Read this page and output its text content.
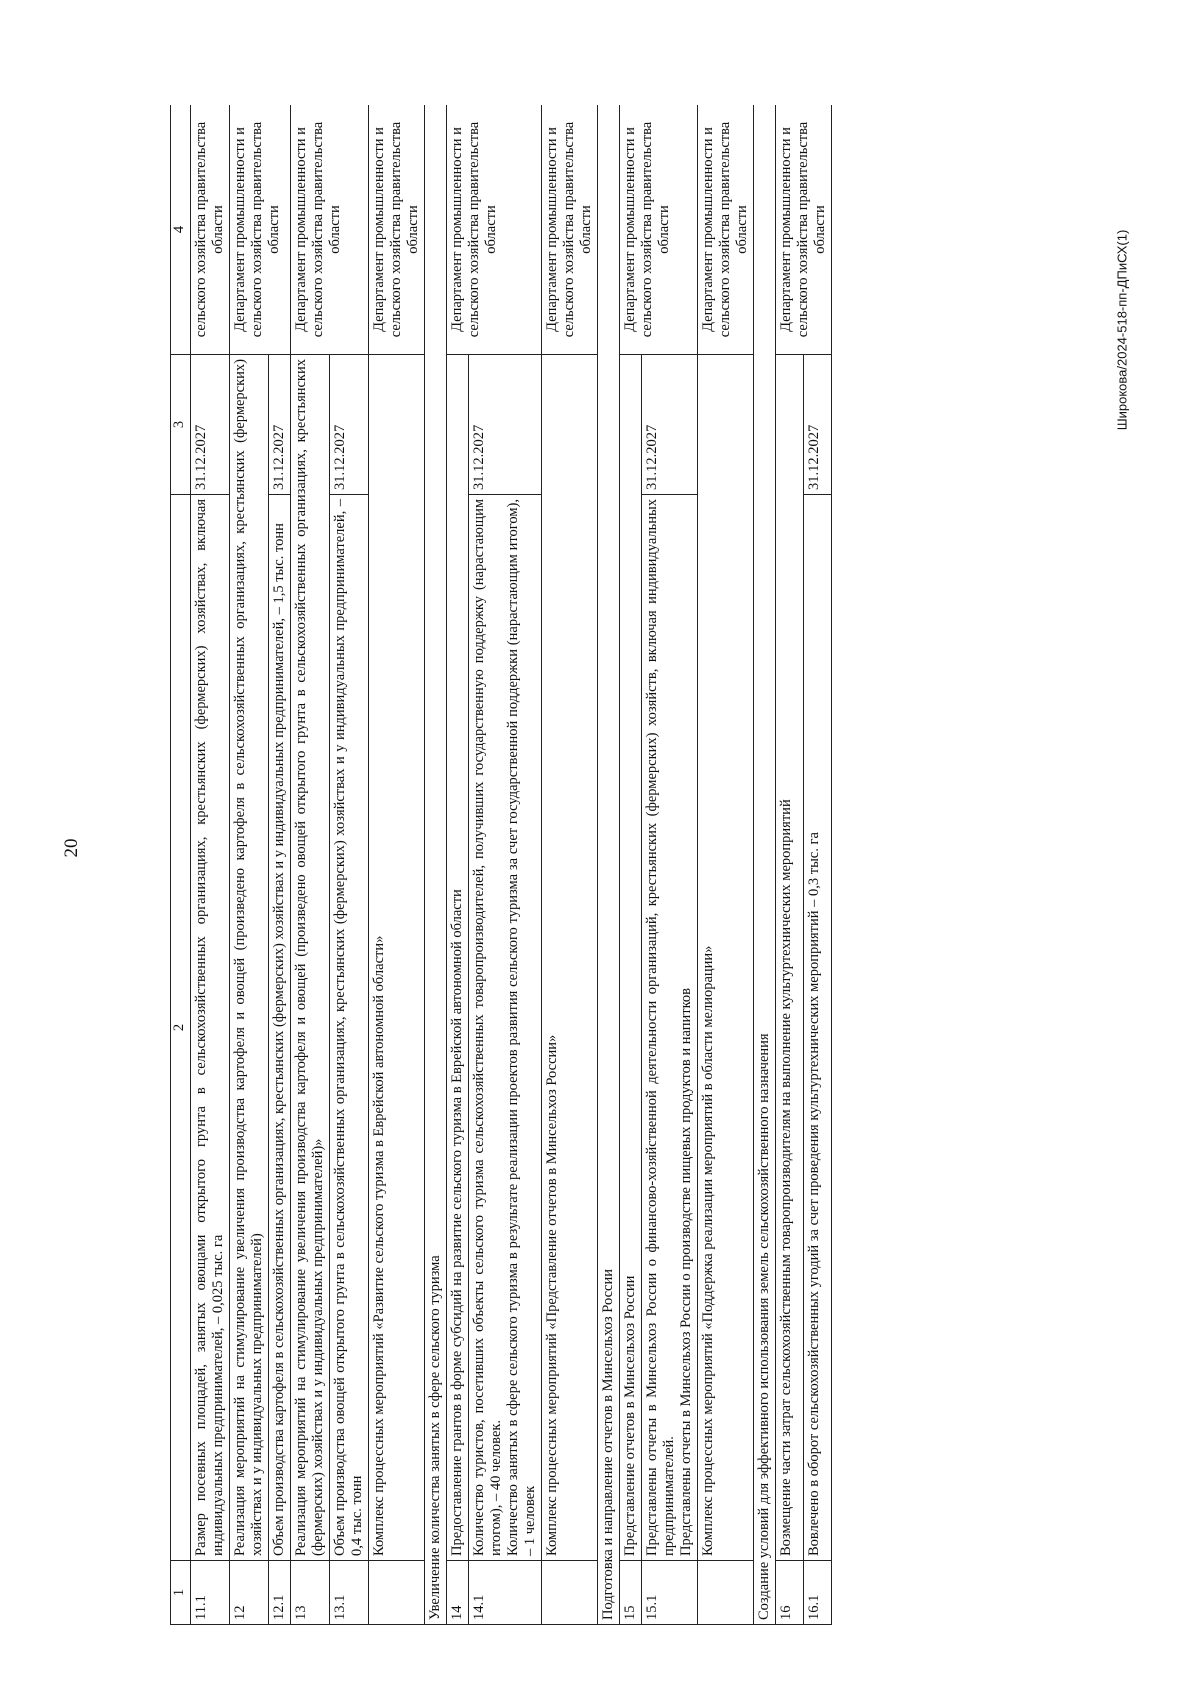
20
Широкова/2024-518-пп-ДПиСХ(1)
1	2	3	4
11.1	Размер посевных площадей, занятых овощами открытого грунта в сельскохозяйственных организациях, крестьянских (фермерских) хозяйствах, включая индивидуальных предпринимателей, – 0,025 тыс. га	31.12.2027	сельского хозяйства правительства области
12	Реализация мероприятий на стимулирование увеличения производства картофеля и овощей (произведено картофеля в сельскохозяйственных организациях, крестьянских (фермерских) хозяйствах и у индивидуальных предпринимателей)		Департамент промышленности и сельского хозяйства правительства области
12.1	Объем производства картофеля в сельскохозяйственных организациях, крестьянских (фермерских) хозяйствах и у индивидуальных предпринимателей, – 1,5 тыс. тонн	31.12.2027	
13	Реализация мероприятий на стимулирование увеличения производства картофеля и овощей (произведено овощей открытого грунта в сельскохозяйственных организациях, крестьянских (фермерских) хозяйствах и у индивидуальных предпринимателей)»		Департамент промышленности и сельского хозяйства правительства области
13.1	Объем производства овощей открытого грунта в сельскохозяйственных организациях, крестьянских (фермерских) хозяйствах и у индивидуальных предпринимателей, – 0,4 тыс. тонн	31.12.2027	
	Комплекс процессных мероприятий «Развитие сельского туризма в Еврейской автономной области»		Департамент промышленности и сельского хозяйства правительства области
Увеличение количества занятых в сфере сельского туризма			
14	Предоставление грантов в форме субсидий на развитие сельского туризма в Еврейской автономной области		Департамент промышленности и сельского хозяйства правительства области
14.1	Количество туристов, посетивших объекты сельского туризма сельскохозяйственных товаропроизводителей, получивших государственную поддержку (нарастающим итогом), – 40 человек. Количество занятых в сфере сельского туризма в результате реализации проектов развития сельского туризма за счет государственной поддержки (нарастающим итогом), – 1 человек	31.12.2027	
	Комплекс процессных мероприятий «Представление отчетов в Минсельхоз России»		Департамент промышленности и сельского хозяйства правительства области
Подготовка и направление отчетов в Минсельхоз России			
15	Представление отчетов в Минсельхоз России		Департамент промышленности и сельского хозяйства правительства области
15.1	Представлены отчеты в Минсельхоз России о финансово-хозяйственной деятельности организаций, крестьянских (фермерских) хозяйств, включая индивидуальных предпринимателей. Представлены отчеты в Минсельхоз России о производстве пищевых продуктов и напитков	31.12.2027	
	Комплекс процессных мероприятий «Поддержка реализации мероприятий в области мелиорации»		Департамент промышленности и сельского хозяйства правительства области
Создание условий для эффективного использования земель сельскохозяйственного назначения			
16	Возмещение части затрат сельскохозяйственным товаропроизводителям на выполнение культуртехнических мероприятий		Департамент промышленности и сельского хозяйства правительства области
16.1	Вовлечено в оборот сельскохозяйственных угодий за счет проведения культуртехнических мероприятий – 0,3 тыс. га	31.12.2027	
